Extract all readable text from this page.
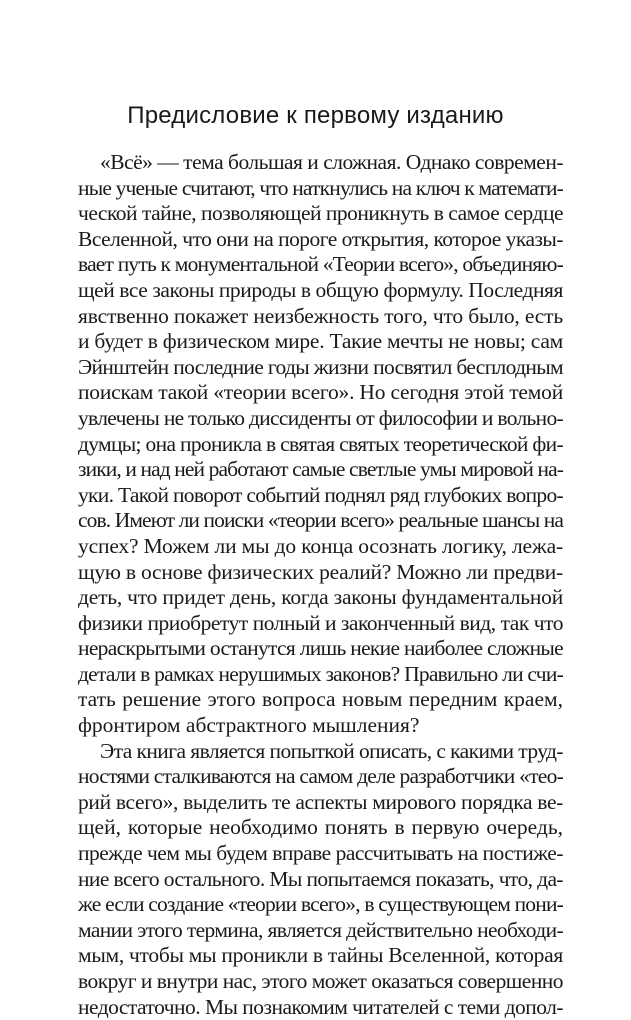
Предисловие к первому изданию
«Всё» — тема большая и сложная. Однако современ-
ные ученые считают, что наткнулись на ключ к математи-
ческой тайне, позволяющей проникнуть в самое сердце
Вселенной, что они на пороге открытия, которое указы-
вает путь к монументальной «Теории всего», объединяю-
щей все законы природы в общую формулу. Последняя
явственно покажет неизбежность того, что было, есть
и будет в физическом мире. Такие мечты не новы; сам
Эйнштейн последние годы жизни посвятил бесплодным
поискам такой «теории всего». Но сегодня этой темой
увлечены не только диссиденты от философии и вольно-
думцы; она проникла в святая святых теоретической фи-
зики, и над ней работают самые светлые умы мировой на-
уки. Такой поворот событий поднял ряд глубоких вопро-
сов. Имеют ли поиски «теории всего» реальные шансы на
успех? Можем ли мы до конца осознать логику, лежа-
щую в основе физических реалий? Можно ли предви-
деть, что придет день, когда законы фундаментальной
физики приобретут полный и законченный вид, так что
нераскрытыми останутся лишь некие наиболее сложные
детали в рамках нерушимых законов? Правильно ли счи-
тать решение этого вопроса новым передним краем,
фронтиром абстрактного мышления?
Эта книга является попыткой описать, с какими труд-
ностями сталкиваются на самом деле разработчики «тео-
рий всего», выделить те аспекты мирового порядка ве-
щей, которые необходимо понять в первую очередь,
прежде чем мы будем вправе рассчитывать на постиже-
ние всего остального. Мы попытаемся показать, что, да-
же если создание «теории всего», в существующем пони-
мании этого термина, является действительно необходи-
мым, чтобы мы проникли в тайны Вселенной, которая
вокруг и внутри нас, этого может оказаться совершенно
недостаточно. Мы познакомим читателей с теми допол-
